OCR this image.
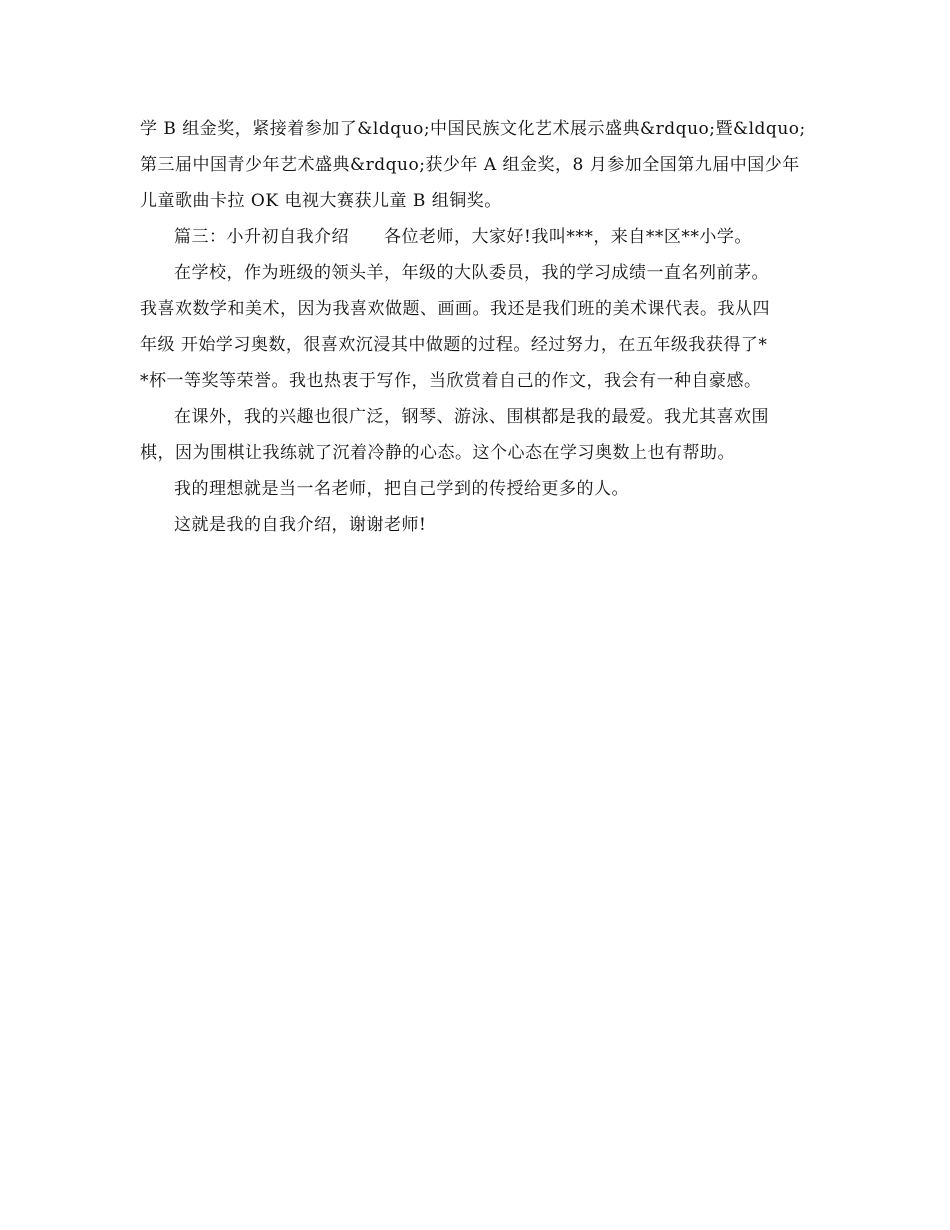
学 B 组金奖，紧接着参加了&ldquo;中国民族文化艺术展示盛典&rdquo;暨&ldquo;
第三届中国青少年艺术盛典&rdquo;获少年 A 组金奖，8 月参加全国第九届中国少年
儿童歌曲卡拉 OK 电视大赛获儿童 B 组铜奖。
篇三：小升初自我介绍　　各位老师，大家好!我叫***，来自**区**小学。
在学校，作为班级的领头羊，年级的大队委员，我的学习成绩一直名列前茅。
我喜欢数学和美术，因为我喜欢做题、画画。我还是我们班的美术课代表。我从四
年级 开始学习奥数，很喜欢沉浸其中做题的过程。经过努力，在五年级我获得了*
*杯一等奖等荣誉。我也热衷于写作，当欣赏着自己的作文，我会有一种自豪感。
在课外，我的兴趣也很广泛，钢琴、游泳、围棋都是我的最爱。我尤其喜欢围
棋，因为围棋让我练就了沉着冷静的心态。这个心态在学习奥数上也有帮助。
我的理想就是当一名老师，把自己学到的传授给更多的人。
这就是我的自我介绍，谢谢老师!
